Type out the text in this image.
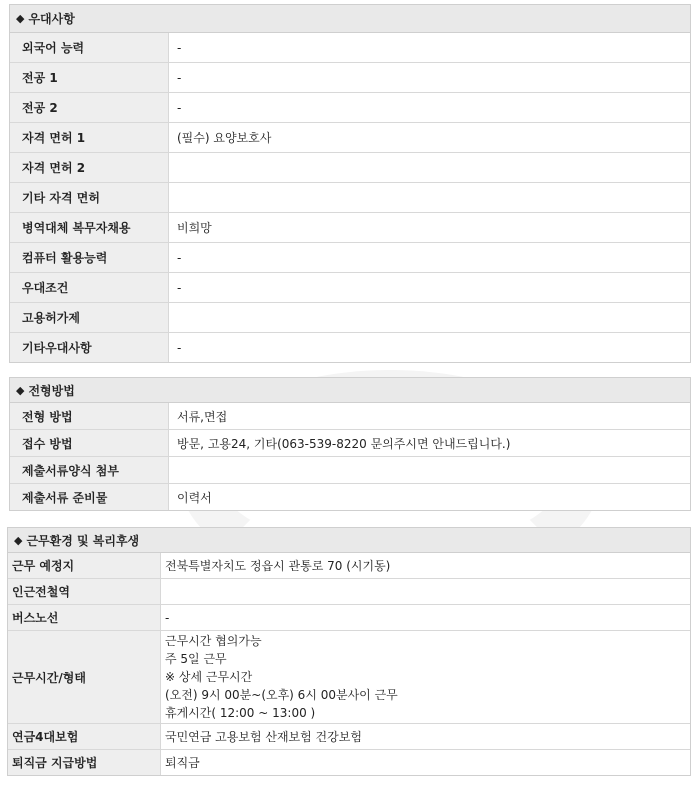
◆ 우대사항
외국어 능력	-
전공 1	-
전공 2	-
자격 면허 1	(필수) 요양보호사
자격 면허 2	
기타 자격 면허	
병역대체 복무자채용	비희망
컴퓨터 활용능력	-
우대조건	-
고용허가제	
기타우대사항	-
◆ 전형방법
전형 방법	서류,면접
접수 방법	방문, 고용24, 기타(063-539-8220 문의주시면 안내드립니다.)
제출서류양식 첨부	
제출서류 준비물	이력서
◆ 근무환경 및 복리후생
근무 예정지	전북특별자치도 정읍시 관통로 70 (시기동)
인근전철역	
버스노선	-
근무시간/형태	근무시간 협의가능
주 5일 근무
※ 상세 근무시간
(오전) 9시 00분~(오후) 6시 00분사이 근무
휴게시간( 12:00 ~ 13:00 )

연금4대보험	국민연금 고용보험 산재보험 건강보험
퇴직금 지급방법	퇴직금
